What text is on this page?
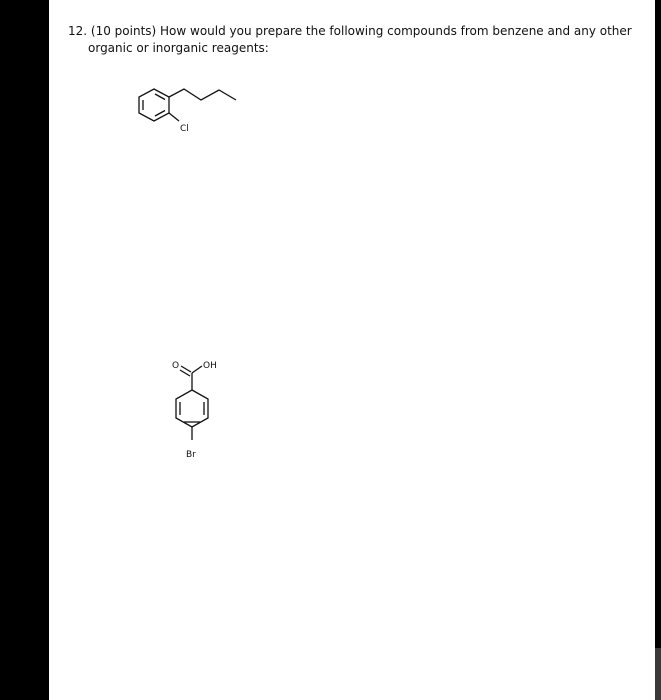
12. (10 points) How would you prepare the following compounds from benzene and any other
organic or inorganic reagents:

Cl
O	OH
Br
